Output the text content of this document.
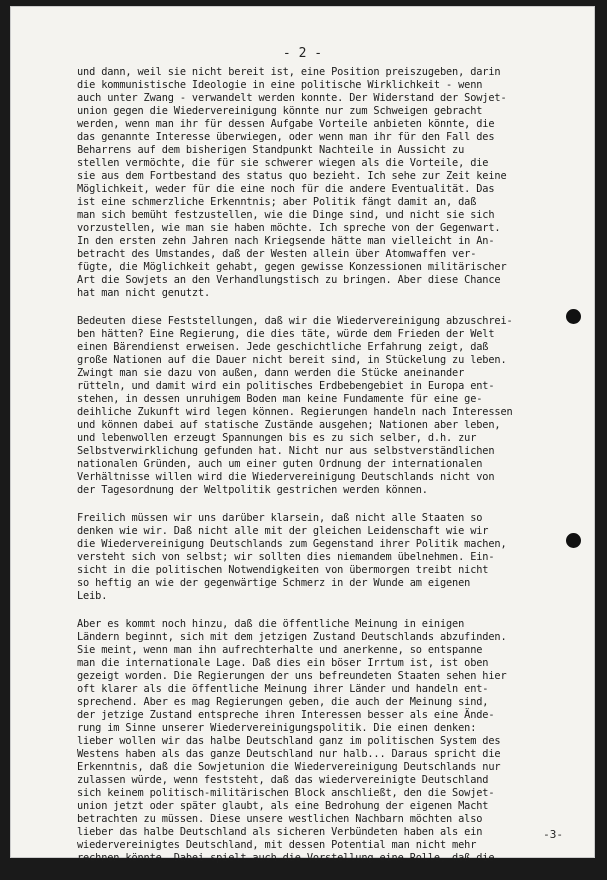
- 2 -
und dann, weil sie nicht bereit ist, eine Position preiszugeben, darin
die kommunistische Ideologie in eine politische Wirklichkeit - wenn
auch unter Zwang - verwandelt werden konnte. Der Widerstand der Sowjet-
union gegen die Wiedervereinigung könnte nur zum Schweigen gebracht
werden, wenn man ihr für dessen Aufgabe Vorteile anbieten könnte, die
das genannte Interesse überwiegen, oder wenn man ihr für den Fall des
Beharrens auf dem bisherigen Standpunkt Nachteile in Aussicht zu
stellen vermöchte, die für sie schwerer wiegen als die Vorteile, die
sie aus dem Fortbestand des status quo bezieht. Ich sehe zur Zeit keine
Möglichkeit, weder für die eine noch für die andere Eventualität. Das
ist eine schmerzliche Erkenntnis; aber Politik fängt damit an, daß
man sich bemüht festzustellen, wie die Dinge sind, und nicht sie sich
vorzustellen, wie man sie haben möchte. Ich spreche von der Gegenwart.
In den ersten zehn Jahren nach Kriegsende hätte man vielleicht in An-
betracht des Umstandes, daß der Westen allein über Atomwaffen ver-
fügte, die Möglichkeit gehabt, gegen gewisse Konzessionen militärischer
Art die Sowjets an den Verhandlungstisch zu bringen. Aber diese Chance
hat man nicht genutzt.
Bedeuten diese Feststellungen, daß wir die Wiedervereinigung abzuschrei-
ben hätten? Eine Regierung, die dies täte, würde dem Frieden der Welt
einen Bärendienst erweisen. Jede geschichtliche Erfahrung zeigt, daß
große Nationen auf die Dauer nicht bereit sind, in Stückelung zu leben.
Zwingt man sie dazu von außen, dann werden die Stücke aneinander
rütteln, und damit wird ein politisches Erdbebengebiet in Europa ent-
stehen, in dessen unruhigem Boden man keine Fundamente für eine ge-
deihliche Zukunft wird legen können. Regierungen handeln nach Interessen
und können dabei auf statische Zustände ausgehen; Nationen aber leben,
und lebenwollen erzeugt Spannungen bis es zu sich selber, d.h. zur
Selbstverwirklichung gefunden hat. Nicht nur aus selbstverständlichen
nationalen Gründen, auch um einer guten Ordnung der internationalen
Verhältnisse willen wird die Wiedervereinigung Deutschlands nicht von
der Tagesordnung der Weltpolitik gestrichen werden können.
Freilich müssen wir uns darüber klarsein, daß nicht alle Staaten so
denken wie wir. Daß nicht alle mit der gleichen Leidenschaft wie wir
die Wiedervereinigung Deutschlands zum Gegenstand ihrer Politik machen,
versteht sich von selbst; wir sollten dies niemandem übelnehmen. Ein-
sicht in die politischen Notwendigkeiten von übermorgen treibt nicht
so heftig an wie der gegenwärtige Schmerz in der Wunde am eigenen
Leib.
Aber es kommt noch hinzu, daß die öffentliche Meinung in einigen
Ländern beginnt, sich mit dem jetzigen Zustand Deutschlands abzufinden.
Sie meint, wenn man ihn aufrechterhalte und anerkenne, so entspanne
man die internationale Lage. Daß dies ein böser Irrtum ist, ist oben
gezeigt worden. Die Regierungen der uns befreundeten Staaten sehen hier
oft klarer als die öffentliche Meinung ihrer Länder und handeln ent-
sprechend. Aber es mag Regierungen geben, die auch der Meinung sind,
der jetzige Zustand entspreche ihren Interessen besser als eine Ände-
rung im Sinne unserer Wiedervereinigungspolitik. Die einen denken:
lieber wollen wir das halbe Deutschland ganz im politischen System des
Westens haben als das ganze Deutschland nur halb... Daraus spricht die
Erkenntnis, daß die Sowjetunion die Wiedervereinigung Deutschlands nur
zulassen würde, wenn feststeht, daß das wiedervereinigte Deutschland
sich keinem politisch-militärischen Block anschließt, den die Sowjet-
union jetzt oder später glaubt, als eine Bedrohung der eigenen Macht
betrachten zu müssen. Diese unsere westlichen Nachbarn möchten also
lieber das halbe Deutschland als sicheren Verbündeten haben als ein
wiedervereinigtes Deutschland, mit dessen Potential man nicht mehr
rechnen könnte. Dabei spielt auch die Vorstellung eine Rolle, daß die
-3-
